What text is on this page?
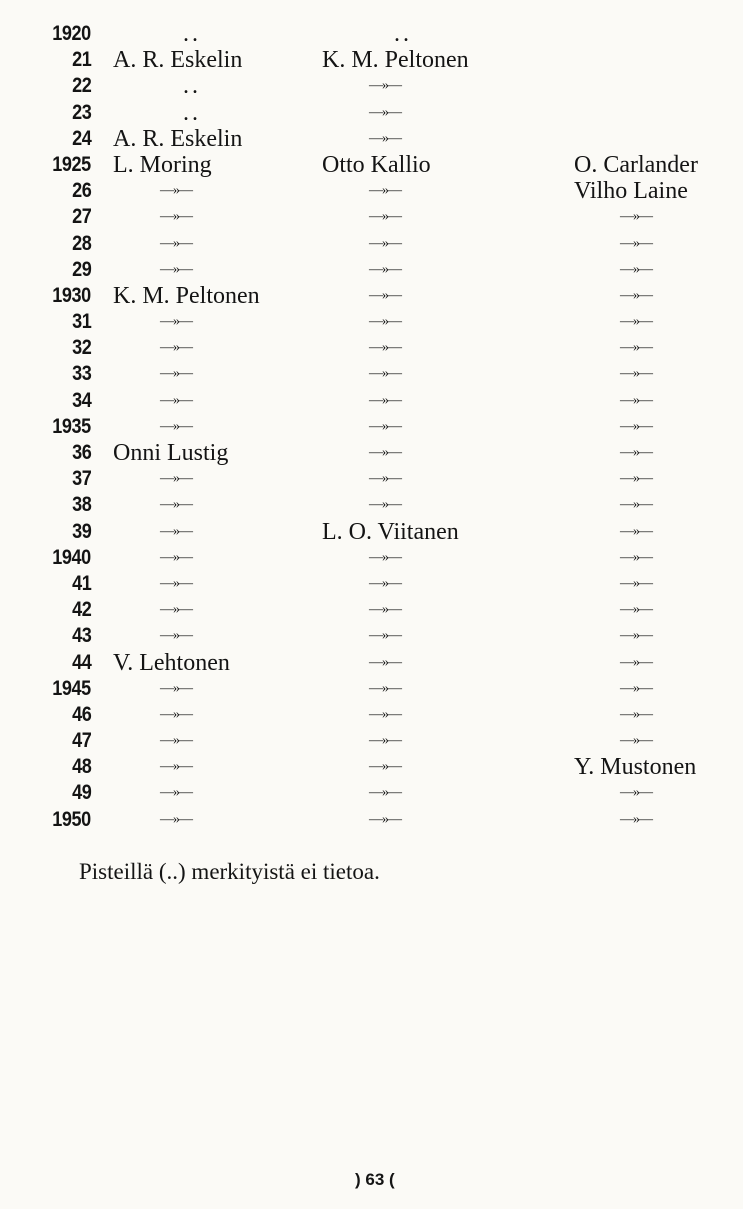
1920	..	..
21 A. R. Eskelin	K. M. Peltonen
22	..	—»—
23	..	—»—
24 A. R. Eskelin	—»—
1925 L. Moring	Otto Kallio	O. Carlander
26	—»—	—»—	Vilho Laine
27	—»—	—»—	—»—
28	—»—	—»—	—»—
29	—»—	—»—	—»—
1930 K. M. Peltonen	—»—	—»—
31	—»—	—»—	—»—
32	—»—	—»—	—»—
33	—»—	—»—	—»—
34	—»—	—»—	—»—
1935	—»—	—»—	—»—
36 Onni Lustig	—»—	—»—
37	—»—	—»—	—»—
38	—»—	—»—	—»—
39	—»—	L. O. Viitanen	—»—
1940	—»—	—»—	—»—
41	—»—	—»—	—»—
42	—»—	—»—	—»—
43	—»—	—»—	—»—
44 V. Lehtonen	—»—	—»—
1945	—»—	—»—	—»—
46	—»—	—»—	—»—
47	—»—	—»—	—»—
48	—»—	—»—	Y. Mustonen
49	—»—	—»—	—»—
1950	—»—	—»—	—»—
Pisteillä (..) merkityistä ei tietoa.
) 63 (
